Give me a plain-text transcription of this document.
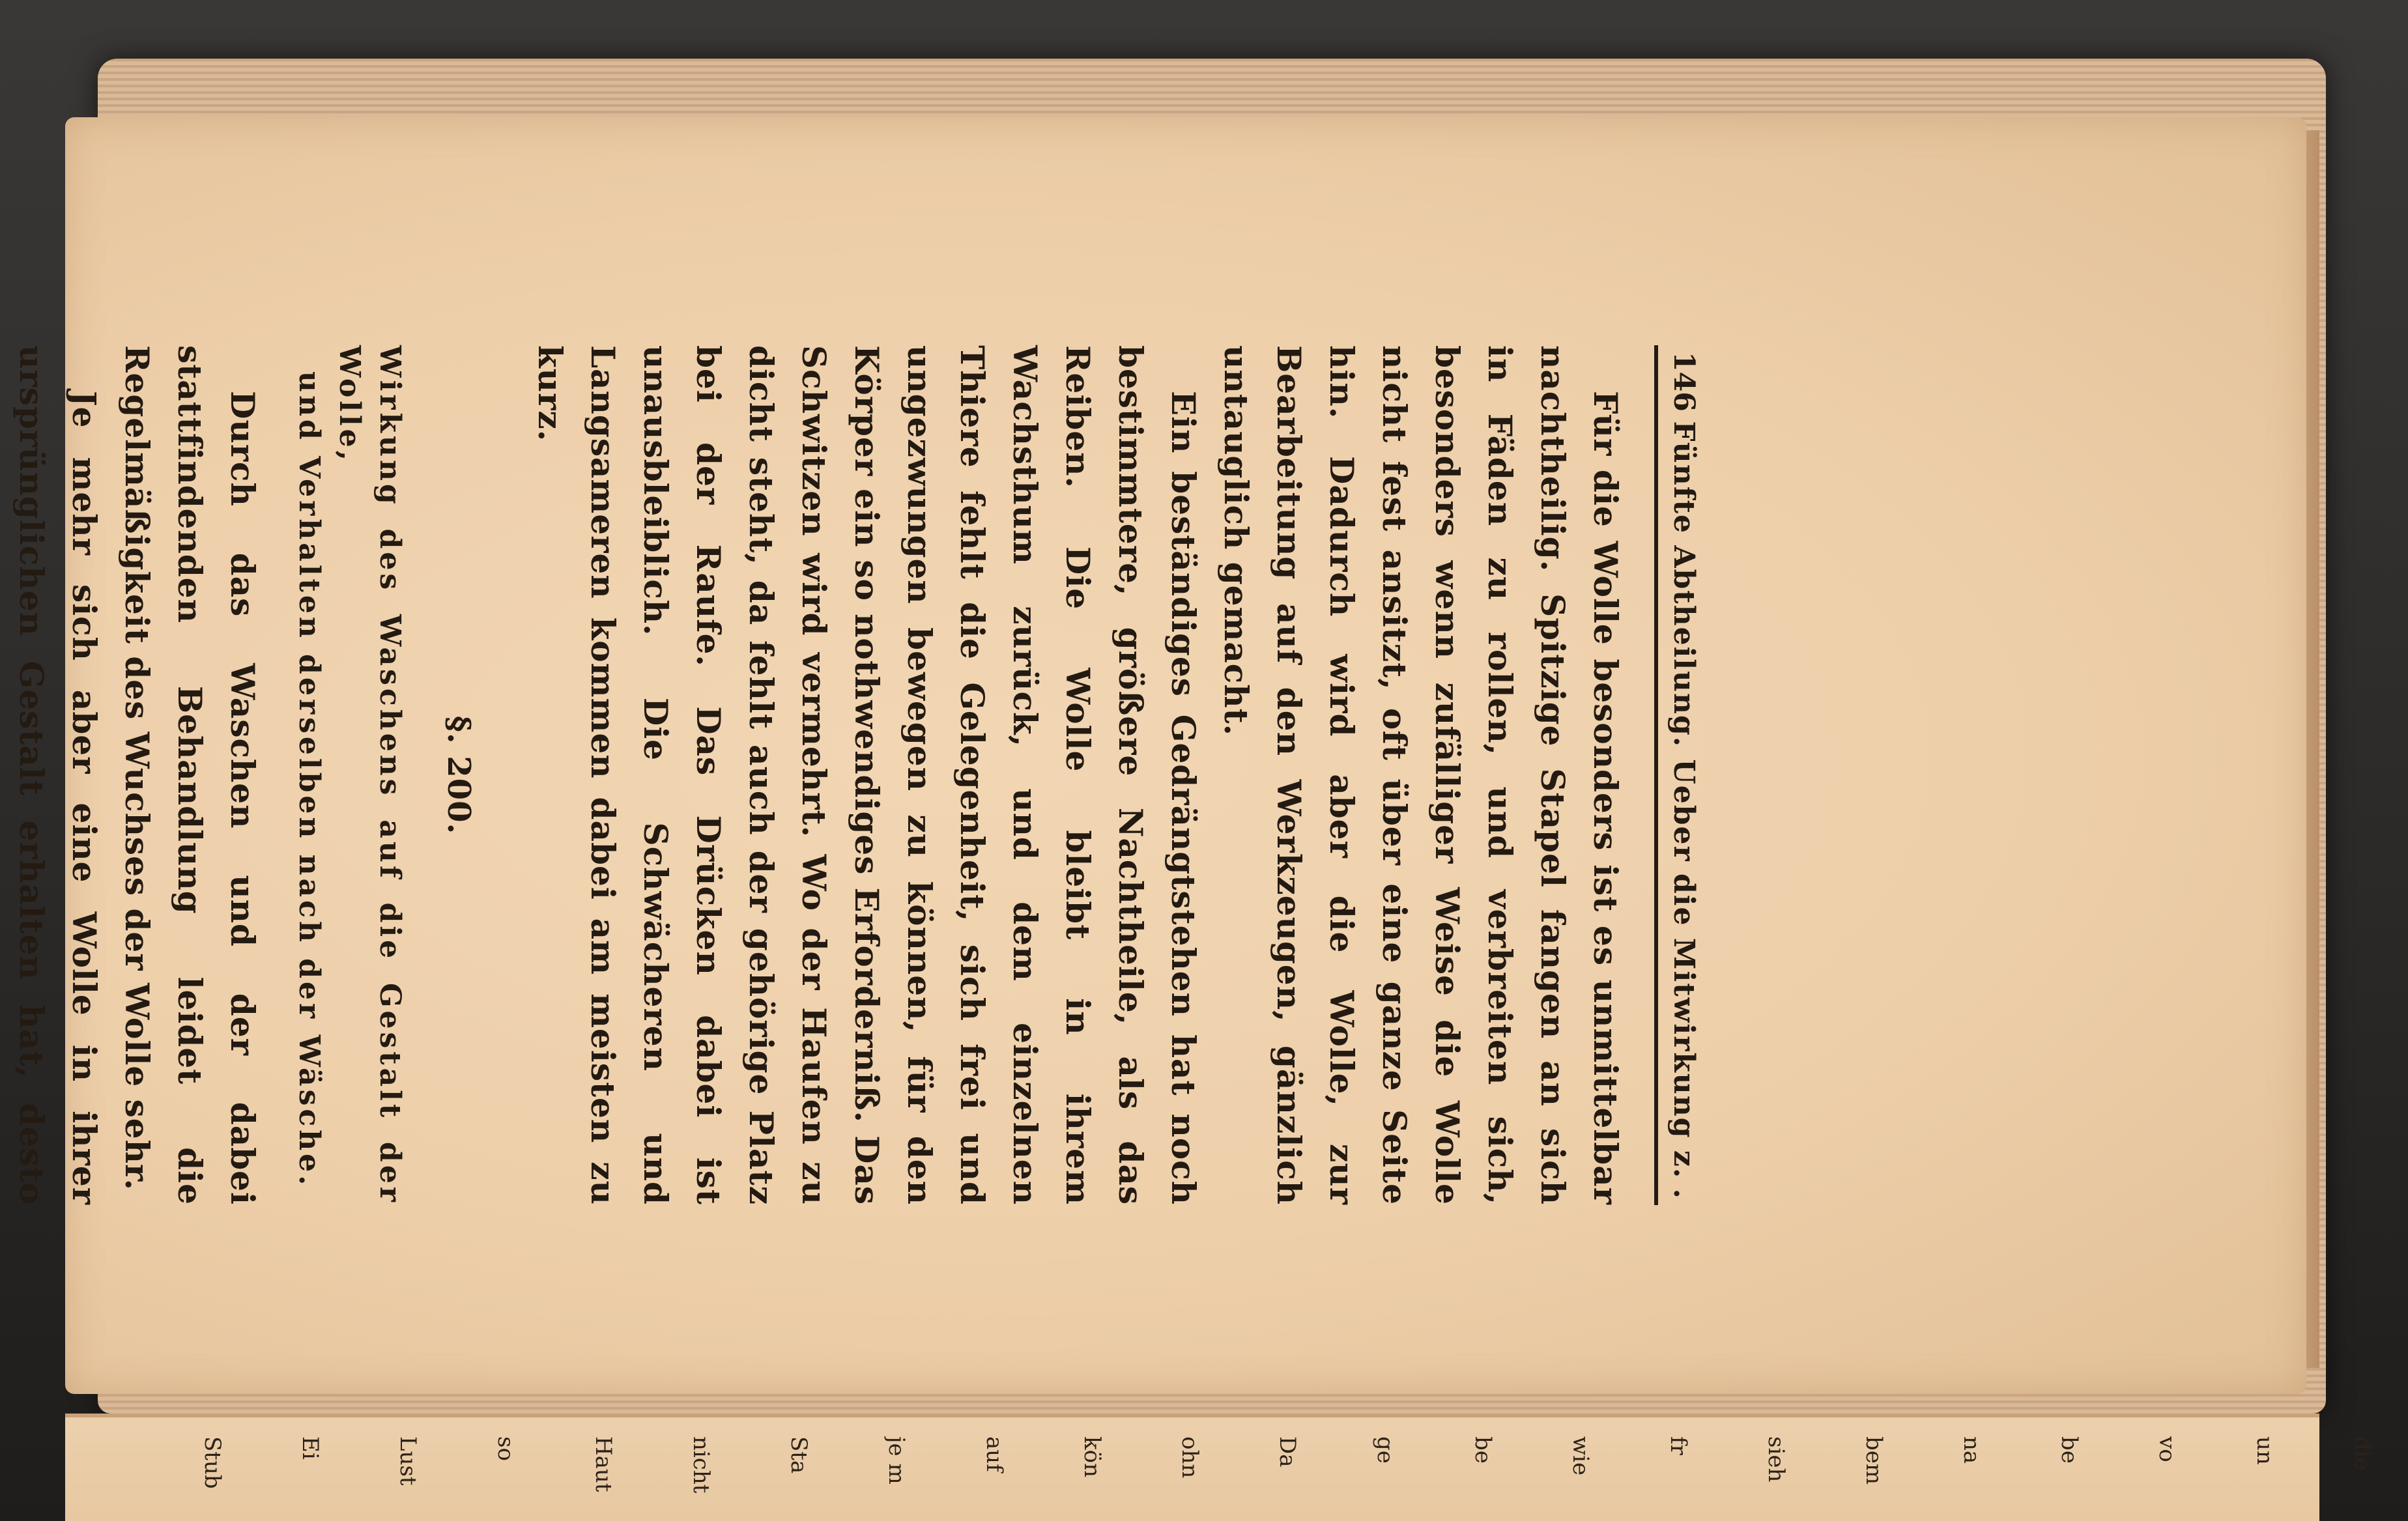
146
Fünfte Abtheilung. Ueber die Mitwirkung z.
.

Für die Wolle besonders ist es unmittelbar nachtheilig. Spitzige Stapel fangen an sich in Fäden zu rollen, und verbreiten sich, besonders wenn zufälliger Weise die Wolle nicht fest ansitzt, oft über eine ganze Seite hin. Dadurch wird aber die Wolle, zur Bearbeitung auf den Werkzeugen, gänzlich untauglich gemacht.

Ein beständiges Gedrängtstehen hat noch bestimmtere, größere Nachtheile, als das Reiben. Die Wolle bleibt in ihrem Wachsthum zurück, und dem einzelnen Thiere fehlt die Gelegenheit, sich frei und ungezwungen bewegen zu können, für den Körper ein so nothwendiges Erforderniß. Das Schwitzen wird vermehrt. Wo der Haufen zu dicht steht, da fehlt auch der gehörige Platz bei der Raufe. Das Drücken dabei ist unausbleiblich. Die Schwächeren und Langsameren kommen dabei am meisten zu kurz.

§. 200.
Wirkung des Waschens auf die Gestalt der Wolle,
und Verhalten derselben nach der Wäsche.

Durch das Waschen und der dabei stattfindenden Behandlung leidet die Regelmäßigkeit des Wuchses der Wolle sehr.

Je mehr sich aber eine Wolle in ihrer ursprünglichen Gestalt erhalten hat, desto

die
un
vo
be
na
bem
sieh
fr
wie
be
ge
Da
ohn
kön
auf
je m
Sta
nicht
Haut
so
Lust
Ei
Stub
